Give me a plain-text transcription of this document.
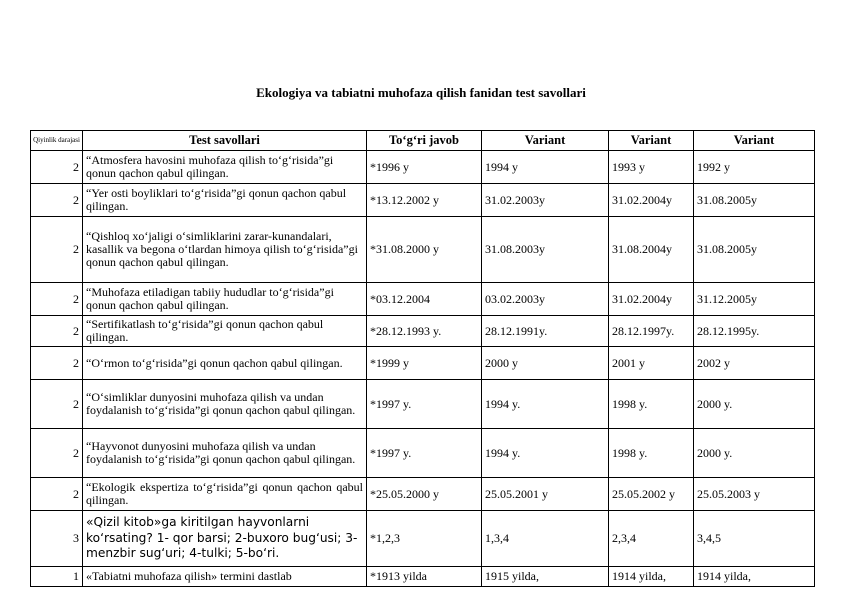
Ekologiya va tabiatni muhofaza qilish fanidan test savollari
Qiyinlik darajasi	Test savollari	To‘g‘ri javob	Variant	Variant	Variant
2	“Atmosfera havosini muhofaza qilish to‘g‘risida”gi qonun qachon qabul qilingan.	*1996 y	1994 y	1993 y	1992 y
2	“Yer osti boyliklari to‘g‘risida”gi qonun qachon qabul qilingan.	*13.12.2002 y	31.02.2003y	31.02.2004y	31.08.2005y
2	“Qishloq xo‘jaligi o‘simliklarini zarar-kunandalari, kasallik va begona o‘tlardan himoya qilish to‘g‘risida”gi qonun qachon qabul qilingan.	*31.08.2000 y	31.08.2003y	31.08.2004y	31.08.2005y
2	“Muhofaza etiladigan tabiiy hududlar to‘g‘risida”gi qonun qachon qabul qilingan.	*03.12.2004	03.02.2003y	31.02.2004y	31.12.2005y
2	“Sertifikatlash to‘g‘risida”gi qonun qachon qabul qilingan.	*28.12.1993 y.	28.12.1991y.	28.12.1997y.	28.12.1995y.
2	“O‘rmon to‘g‘risida”gi qonun qachon qabul qilingan.	*1999 y	2000 y	2001 y	2002 y
2	“O‘simliklar dunyosini muhofaza qilish va undan foydalanish to‘g‘risida”gi qonun qachon qabul qilingan.	*1997 y.	1994 y.	1998 y.	2000 y.
2	“Hayvonot dunyosini muhofaza qilish va undan foydalanish to‘g‘risida”gi qonun qachon qabul qilingan.	*1997 y.	1994 y.	1998 y.	2000 y.
2	“Ekologik ekspertiza to‘g‘risida”gi qonun qachon qabul qilingan.	*25.05.2000 y	25.05.2001 y	25.05.2002 y	25.05.2003 y
3	«Qizil kitob»ga kiritilgan hayvonlarni ko‘rsating? 1- qor barsi; 2-buxoro bug‘usi; 3-menzbir sug‘uri; 4-tulki; 5-bo‘ri.	*1,2,3	1,3,4	2,3,4	3,4,5
1	«Tabiatni muhofaza qilish» termini dastlab	*1913 yilda	1915 yilda,	1914 yilda,	1914 yilda,
